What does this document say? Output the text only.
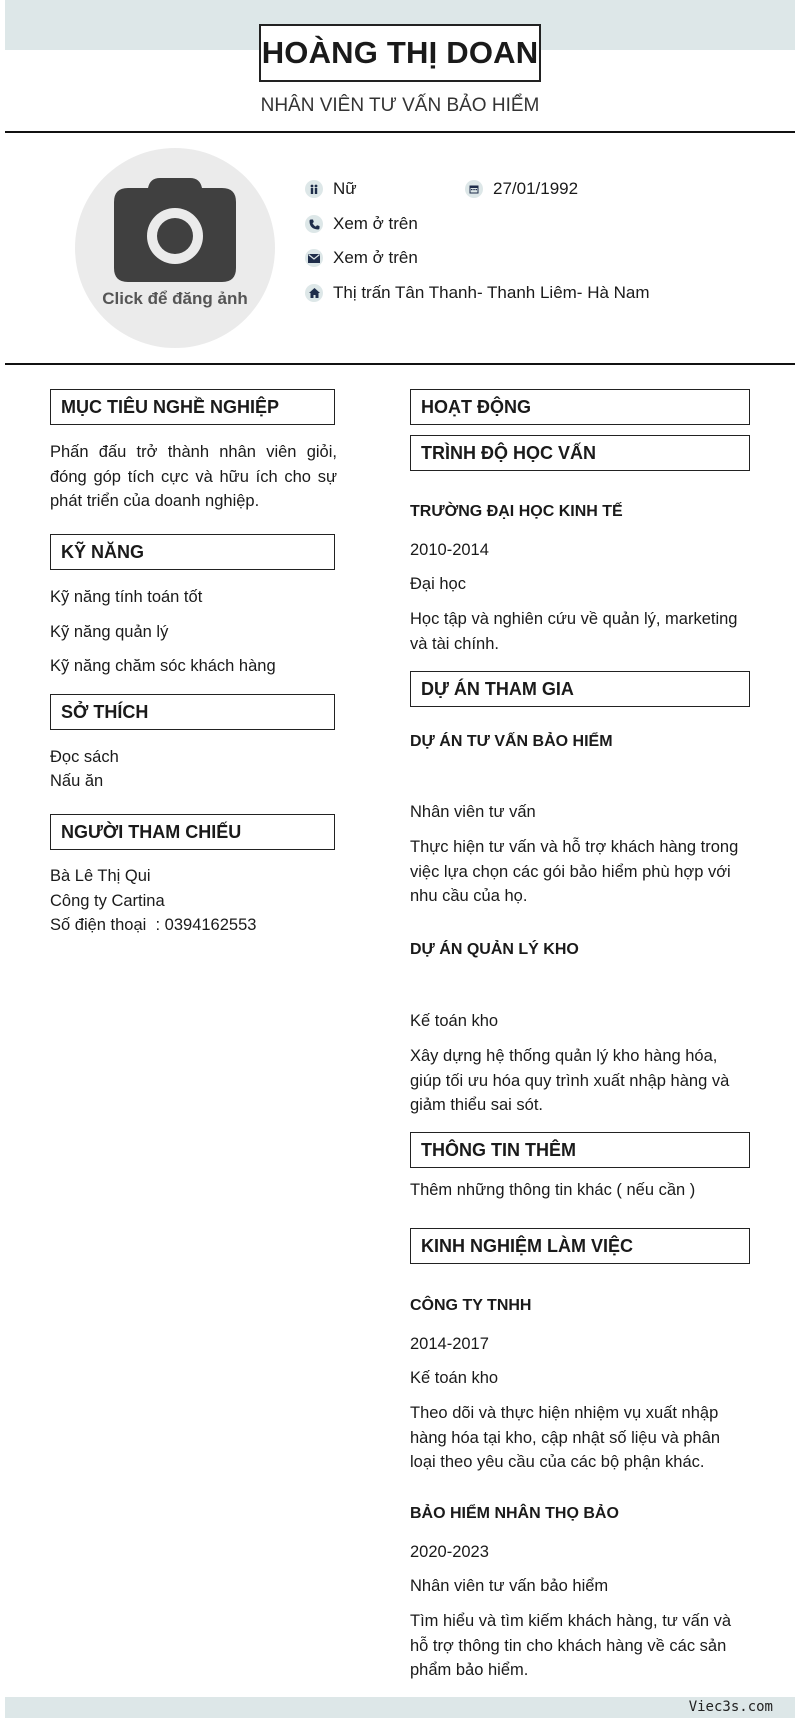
HOÀNG THỊ DOAN
NHÂN VIÊN TƯ VẤN BẢO HIỂM
Click để đăng ảnh
Nữ	27/01/1992
Xem ở trên
Xem ở trên
Thị trấn Tân Thanh- Thanh Liêm- Hà Nam
MỤC TIÊU NGHỀ NGHIỆP
Phấn đấu trở thành nhân viên giỏi, đóng góp tích cực và hữu ích cho sự phát triển của doanh nghiệp.
KỸ NĂNG
Kỹ năng tính toán tốt
Kỹ năng quản lý
Kỹ năng chăm sóc khách hàng
SỞ THÍCH
Đọc sách
Nấu ăn
NGƯỜI THAM CHIẾU
Bà Lê Thị Qui
Công ty Cartina
Số điện thoại  : 0394162553
HOẠT ĐỘNG
TRÌNH ĐỘ HỌC VẤN
TRƯỜNG ĐẠI HỌC KINH TẾ
2010-2014
Đại học
Học tập và nghiên cứu về quản lý, marketing và tài chính.
DỰ ÁN THAM GIA
DỰ ÁN TƯ VẤN BẢO HIỂM
Nhân viên tư vấn
Thực hiện tư vấn và hỗ trợ khách hàng trong việc lựa chọn các gói bảo hiểm phù hợp với nhu cầu của họ.
DỰ ÁN QUẢN LÝ KHO
Kế toán kho
Xây dựng hệ thống quản lý kho hàng hóa, giúp tối ưu hóa quy trình xuất nhập hàng và giảm thiểu sai sót.
THÔNG TIN THÊM
Thêm những thông tin khác ( nếu cần )
KINH NGHIỆM LÀM VIỆC
CÔNG TY TNHH
2014-2017
Kế toán kho
Theo dõi và thực hiện nhiệm vụ xuất nhập hàng hóa tại kho, cập nhật số liệu và phân loại theo yêu cầu của các bộ phận khác.
BẢO HIỂM NHÂN THỌ BẢO
2020-2023
Nhân viên tư vấn bảo hiểm
Tìm hiểu và tìm kiếm khách hàng, tư vấn và hỗ trợ thông tin cho khách hàng về các sản phẩm bảo hiểm.
Viec3s.com
